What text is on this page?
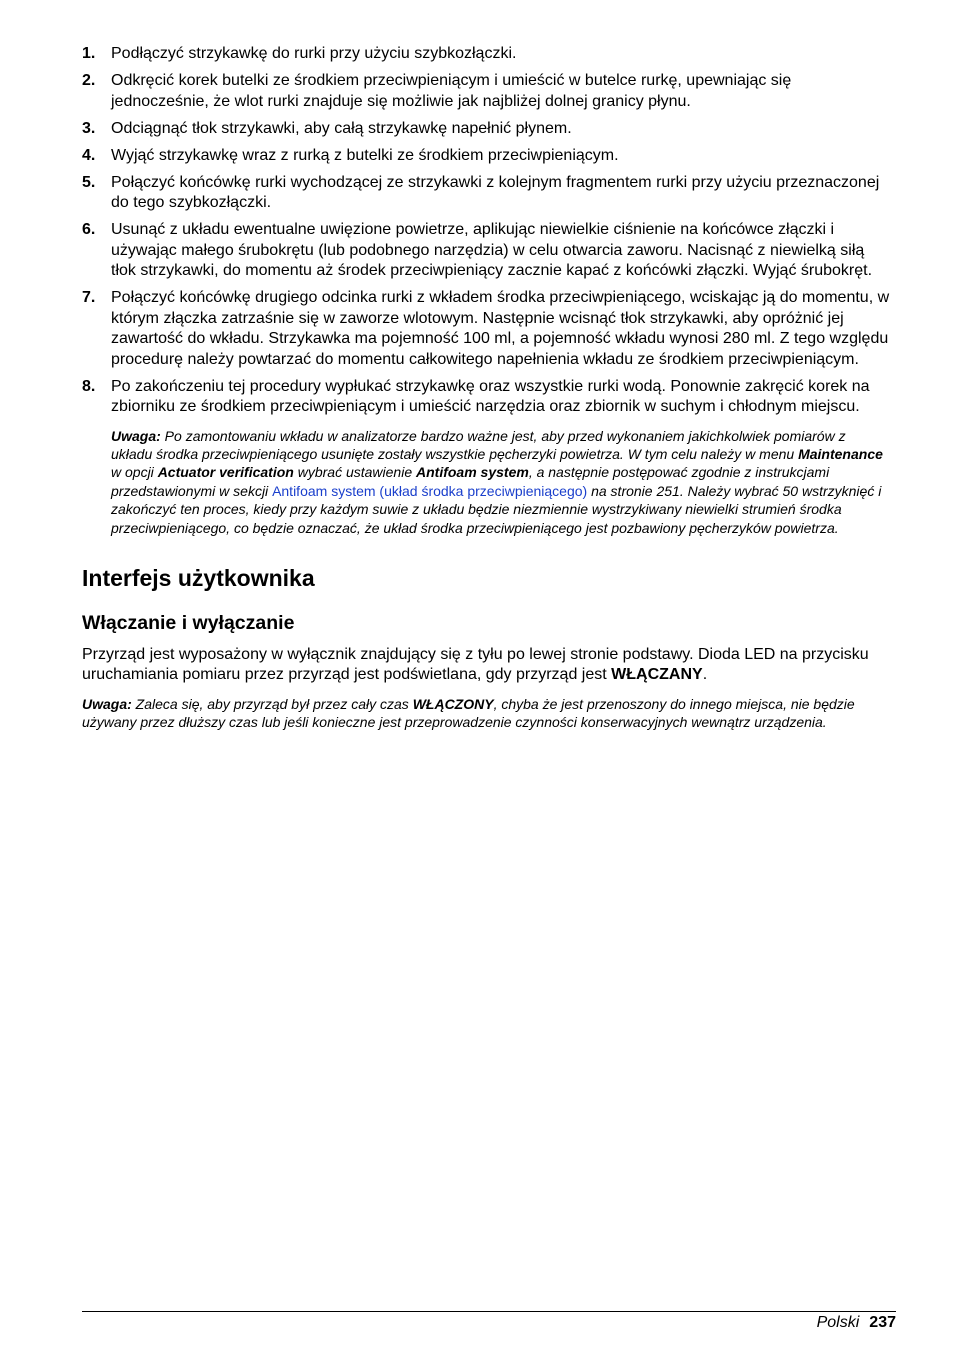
1. Podłączyć strzykawkę do rurki przy użyciu szybkozłączki.
2. Odkręcić korek butelki ze środkiem przeciwpieniącym i umieścić w butelce rurkę, upewniając się jednocześnie, że wlot rurki znajduje się możliwie jak najbliżej dolnej granicy płynu.
3. Odciągnąć tłok strzykawki, aby całą strzykawkę napełnić płynem.
4. Wyjąć strzykawkę wraz z rurką z butelki ze środkiem przeciwpieniącym.
5. Połączyć końcówkę rurki wychodzącej ze strzykawki z kolejnym fragmentem rurki przy użyciu przeznaczonej do tego szybkozłączki.
6. Usunąć z układu ewentualne uwięzione powietrze, aplikując niewielkie ciśnienie na końcówce złączki i używając małego śrubokrętu (lub podobnego narzędzia) w celu otwarcia zaworu. Nacisnąć z niewielką siłą tłok strzykawki, do momentu aż środek przeciwpieniący zacznie kapać z końcówki złączki. Wyjąć śrubokręt.
7. Połączyć końcówkę drugiego odcinka rurki z wkładem środka przeciwpieniącego, wciskając ją do momentu, w którym złączka zatrzaśnie się w zaworze wlotowym. Następnie wcisnąć tłok strzykawki, aby opróżnić jej zawartość do wkładu. Strzykawka ma pojemność 100 ml, a pojemność wkładu wynosi 280 ml. Z tego względu procedurę należy powtarzać do momentu całkowitego napełnienia wkładu ze środkiem przeciwpieniącym.
8. Po zakończeniu tej procedury wypłukać strzykawkę oraz wszystkie rurki wodą. Ponownie zakręcić korek na zbiorniku ze środkiem przeciwpieniącym i umieścić narzędzia oraz zbiornik w suchym i chłodnym miejscu.
Uwaga: Po zamontowaniu wkładu w analizatorze bardzo ważne jest, aby przed wykonaniem jakichkolwiek pomiarów z układu środka przeciwpieniącego usunięte zostały wszystkie pęcherzyki powietrza. W tym celu należy w menu Maintenance w opcji Actuator verification wybrać ustawienie Antifoam system, a następnie postępować zgodnie z instrukcjami przedstawionymi w sekcji Antifoam system (układ środka przeciwpieniącego) na stronie 251. Należy wybrać 50 wstrzyknięć i zakończyć ten proces, kiedy przy każdym suwie z układu będzie niezmiennie wystrzykiwany niewielki strumień środka przeciwpieniącego, co będzie oznaczać, że układ środka przeciwpieniącego jest pozbawiony pęcherzyków powietrza.
Interfejs użytkownika
Włączanie i wyłączanie

Przyrząd jest wyposażony w wyłącznik znajdujący się z tyłu po lewej stronie podstawy. Dioda LED na przycisku uruchamiania pomiaru przez przyrząd jest podświetlana, gdy przyrząd jest WŁĄCZANY.

Uwaga: Zaleca się, aby przyrząd był przez cały czas WŁĄCZONY, chyba że jest przenoszony do innego miejsca, nie będzie używany przez dłuższy czas lub jeśli konieczne jest przeprowadzenie czynności konserwacyjnych wewnątrz urządzenia.
Polski 237
